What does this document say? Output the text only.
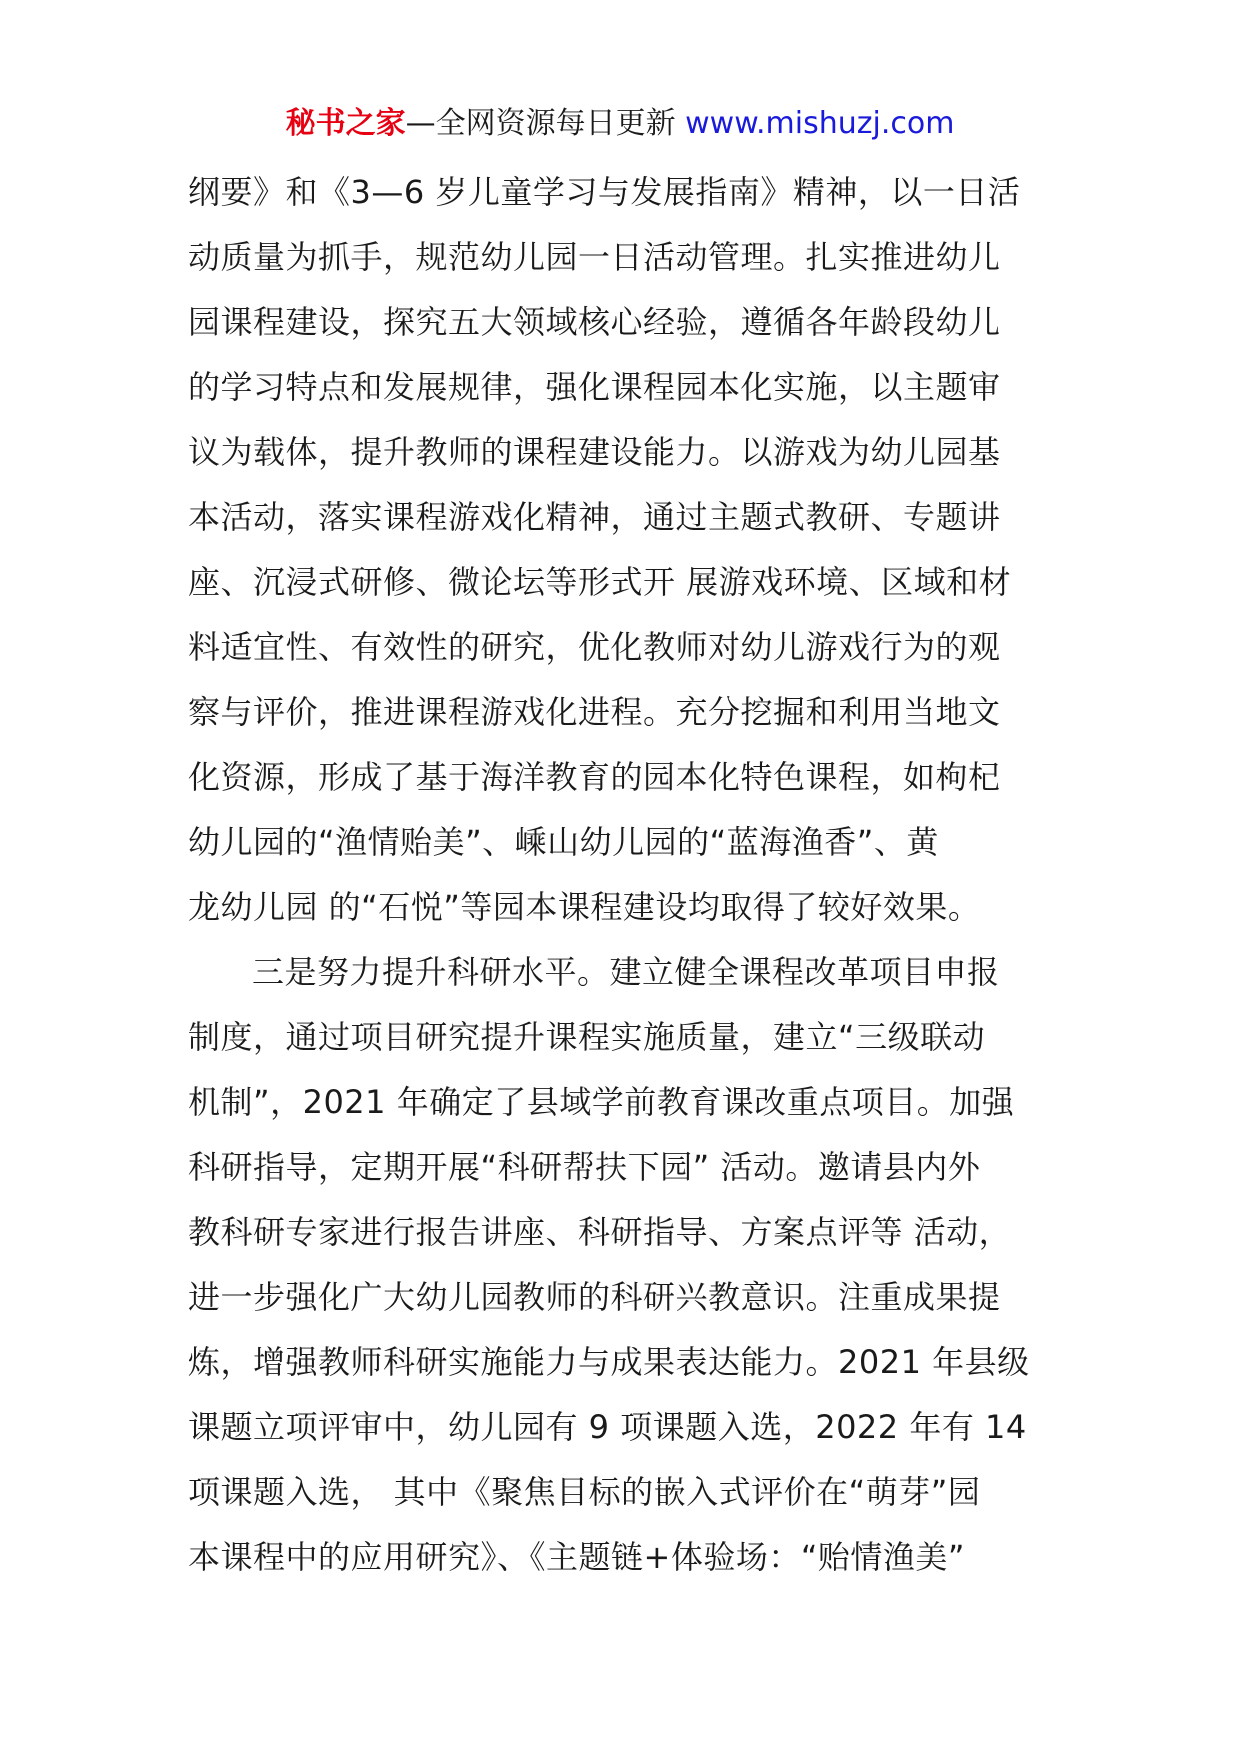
秘书之家—全网资源每日更新 www.mishuzj.com
纲要》和《3—6 岁儿童学习与发展指南》精神，以一日活
动质量为抓手，规范幼儿园一日活动管理。扎实推进幼儿
园课程建设，探究五大领域核心经验，遵循各年龄段幼儿
的学习特点和发展规律，强化课程园本化实施，以主题审
议为载体，提升教师的课程建设能力。以游戏为幼儿园基
本活动，落实课程游戏化精神，通过主题式教研、专题讲
座、沉浸式研修、微论坛等形式开 展游戏环境、区域和材
料适宜性、有效性的研究，优化教师对幼儿游戏行为的观
察与评价，推进课程游戏化进程。充分挖掘和利用当地文
化资源，形成了基于海洋教育的园本化特色课程，如枸杞
幼儿园的“渔情贻美”、嵊山幼儿园的“蓝海渔香”、黄
龙幼儿园 的“石悦”等园本课程建设均取得了较好效果。
三是努力提升科研水平。建立健全课程改革项目申报
制度，通过项目研究提升课程实施质量，建立“三级联动
机制”，2021 年确定了县域学前教育课改重点项目。加强
科研指导，定期开展“科研帮扶下园” 活动。邀请县内外
教科研专家进行报告讲座、科研指导、方案点评等 活动，
进一步强化广大幼儿园教师的科研兴教意识。注重成果提
炼，增强教师科研实施能力与成果表达能力。2021 年县级
课题立项评审中，幼儿园有 9 项课题入选，2022 年有 14
项课题入选， 其中《聚焦目标的嵌入式评价在“萌芽”园
本课程中的应用研究》、《主题链+体验场：“贻情渔美”
